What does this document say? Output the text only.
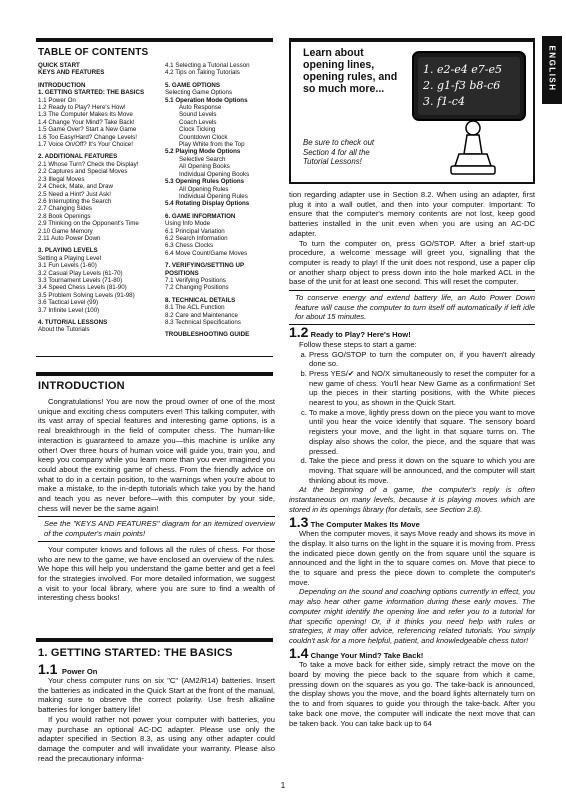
ENGLISH
TABLE OF CONTENTS
QUICK START
KEYS AND FEATURES
INTRODUCTION
1. GETTING STARTED: THE BASICS
1.1 Power On
1.2 Ready to Play? Here's How!
1.3 The Computer Makes Its Move
1.4 Change Your Mind? Take Back!
1.5 Game Over? Start a New Game
1.6 Too Easy/Hard? Change Levels!
1.7 Voice On/Off? It's Your Choice!
2. ADDITIONAL FEATURES
2.1 Whose Turn? Check the Display!
2.2 Captures and Special Moves
2.3 Illegal Moves
2.4 Check, Mate, and Draw
2.5 Need a Hint? Just Ask!
2.6 Interrupting the Search
2.7 Changing Sides
2.8 Book Openings
2.9 Thinking on the Opponent's Time
2.10 Game Memory
2.11 Auto Power Down
3. PLAYING LEVELS
Setting a Playing Level
3.1 Fun Levels (1-60)
3.2 Casual Play Levels (61-70)
3.3 Tournament Levels (71-80)
3.4 Speed Chess Levels (81-90)
3.5 Problem Solving Levels (91-98)
3.6 Tactical Level (99)
3.7 Infinite Level (100)
4. TUTORIAL LESSONS
About the Tutorials
4.1 Selecting a Tutorial Lesson
4.2 Tips on Taking Tutorials
5. GAME OPTIONS
Selecting Game Options
5.1 Operation Mode Options
Auto Response
Sound Levels
Coach Levels
Clock Ticking
Countdown Clock
Play White from the Top
5.2 Playing Mode Options
Selective Search
All Opening Books
Individual Opening Books
5.3 Opening Rules Options
All Opening Rules
Individual Opening Rules
5.4 Rotating Display Options
6. GAME INFORMATION
Using Info Mode
6.1 Principal Variation
6.2 Search Information
6.3 Chess Clocks
6.4 Move Count/Game Moves
7. VERIFYING/SETTING UP
POSITIONS
7.1 Verifying Positions
7.2 Changing Positions
8. TECHNICAL DETAILS
8.1 The ACL Function
8.2 Care and Maintenance
8.3 Technical Specifications
TROUBLESHOOTING GUIDE
Learn about opening lines, opening rules, and so much more...
Be sure to check out Section 4 for all the Tutorial Lessons!
1. e2-e4 e7-e5
2. g1-f3 b8-c6
3. f1-c4
INTRODUCTION

Congratulations! You are now the proud owner of one of the most unique and exciting chess computers ever! This talking computer, with its vast array of special features and interesting game options, is a real breakthrough in the field of computer chess. The human-like interaction is guaranteed to amaze you—this machine is unlike any other! Over three hours of human voice will guide you, train you, and keep you company while you learn more than you ever imagined you could about the exciting game of chess. From the friendly advice on what to do in a certain position, to the warnings when you're about to make a mistake, to the in-depth tutorials which take you by the hand and teach you as never before—with this computer by your side, chess will never be the same again!

See the "KEYS AND FEATURES" diagram for an itemized overview of the computer's main points!

Your computer knows and follows all the rules of chess. For those who are new to the game, we have enclosed an overview of the rules. We hope this will help you understand the game better and get a feel for the strategies involved. For more detailed information, we suggest a visit to your local library, where you are sure to find a wealth of interesting chess books!

1. GETTING STARTED: THE BASICS
1.1 Power On

Your chess computer runs on six "C" (AM2/R14) batteries. Insert the batteries as indicated in the Quick Start at the front of the manual, making sure to observe the correct polarity. Use fresh alkaline batteries for longer battery life!

If you would rather not power your computer with batteries, you may purchase an optional AC-DC adapter. Please use only the adapter specified in Section 8.3, as using any other adapter could damage the computer and will invalidate your warranty. Please also read the precautionary informa-

tion regarding adapter use in Section 8.2. When using an adapter, first plug it into a wall outlet, and then into your computer. Important: To ensure that the computer's memory contents are not lost, keep good batteries installed in the unit even when you are using an AC-DC adapter.

To turn the computer on, press GO/STOP. After a brief start-up procedure, a welcome message will greet you, signalling that the computer is ready to play! If the unit does not respond, use a paper clip or another sharp object to press down into the hole marked ACL in the base of the unit for at least one second. This will reset the computer.

To conserve energy and extend battery life, an Auto Power Down feature will cause the computer to turn itself off automatically if left idle for about 15 minutes.

1.2 Ready to Play? Here's How!

Follow these steps to start a game:

a. Press GO/STOP to turn the computer on, if you haven't already done so.
b. Press YES/✔ and NO/X simultaneously to reset the computer for a new game of chess. You'll hear New Game as a confirmation! Set up the pieces in their starting positions, with the White pieces nearest to you, as shown in the Quick Start.
c. To make a move, lightly press down on the piece you want to move until you hear the voice identify that square. The sensory board registers your move, and the light in that square turns on. The display also shows the color, the piece, and the square that was pressed.
d. Take the piece and press it down on the square to which you are moving. That square will be announced, and the computer will start thinking about its move.

At the beginning of a game, the computer's reply is often instantaneous on many levels, because it is playing moves which are stored in its openings library (for details, see Section 2.8).

1.3 The Computer Makes Its Move

When the computer moves, it says Move ready and shows its move in the display. It also turns on the light in the square it is moving from. Press the indicated piece down gently on the from square until the square is announced and the light in the to square comes on. Move that piece to the to square and press the piece down to complete the computer's move.

Depending on the sound and coaching options currently in effect, you may also hear other game information during these early moves. The computer might identify the opening line and refer you to a tutorial for that specific opening! Or, if it thinks you need help with rules or strategies, it may offer advice, referencing related tutorials. You simply couldn't ask for a more helpful, patient, and knowledgeable chess tutor!

1.4 Change Your Mind? Take Back!

To take a move back for either side, simply retract the move on the board by moving the piece back to the square from which it came, pressing down on the squares as you go. The take-back is announced, the display shows you the move, and the board lights alternately turn on the to and from squares to guide you through the take-back. After you take back one move, the computer will indicate the next move that can be taken back. You can take back up to 64

1
